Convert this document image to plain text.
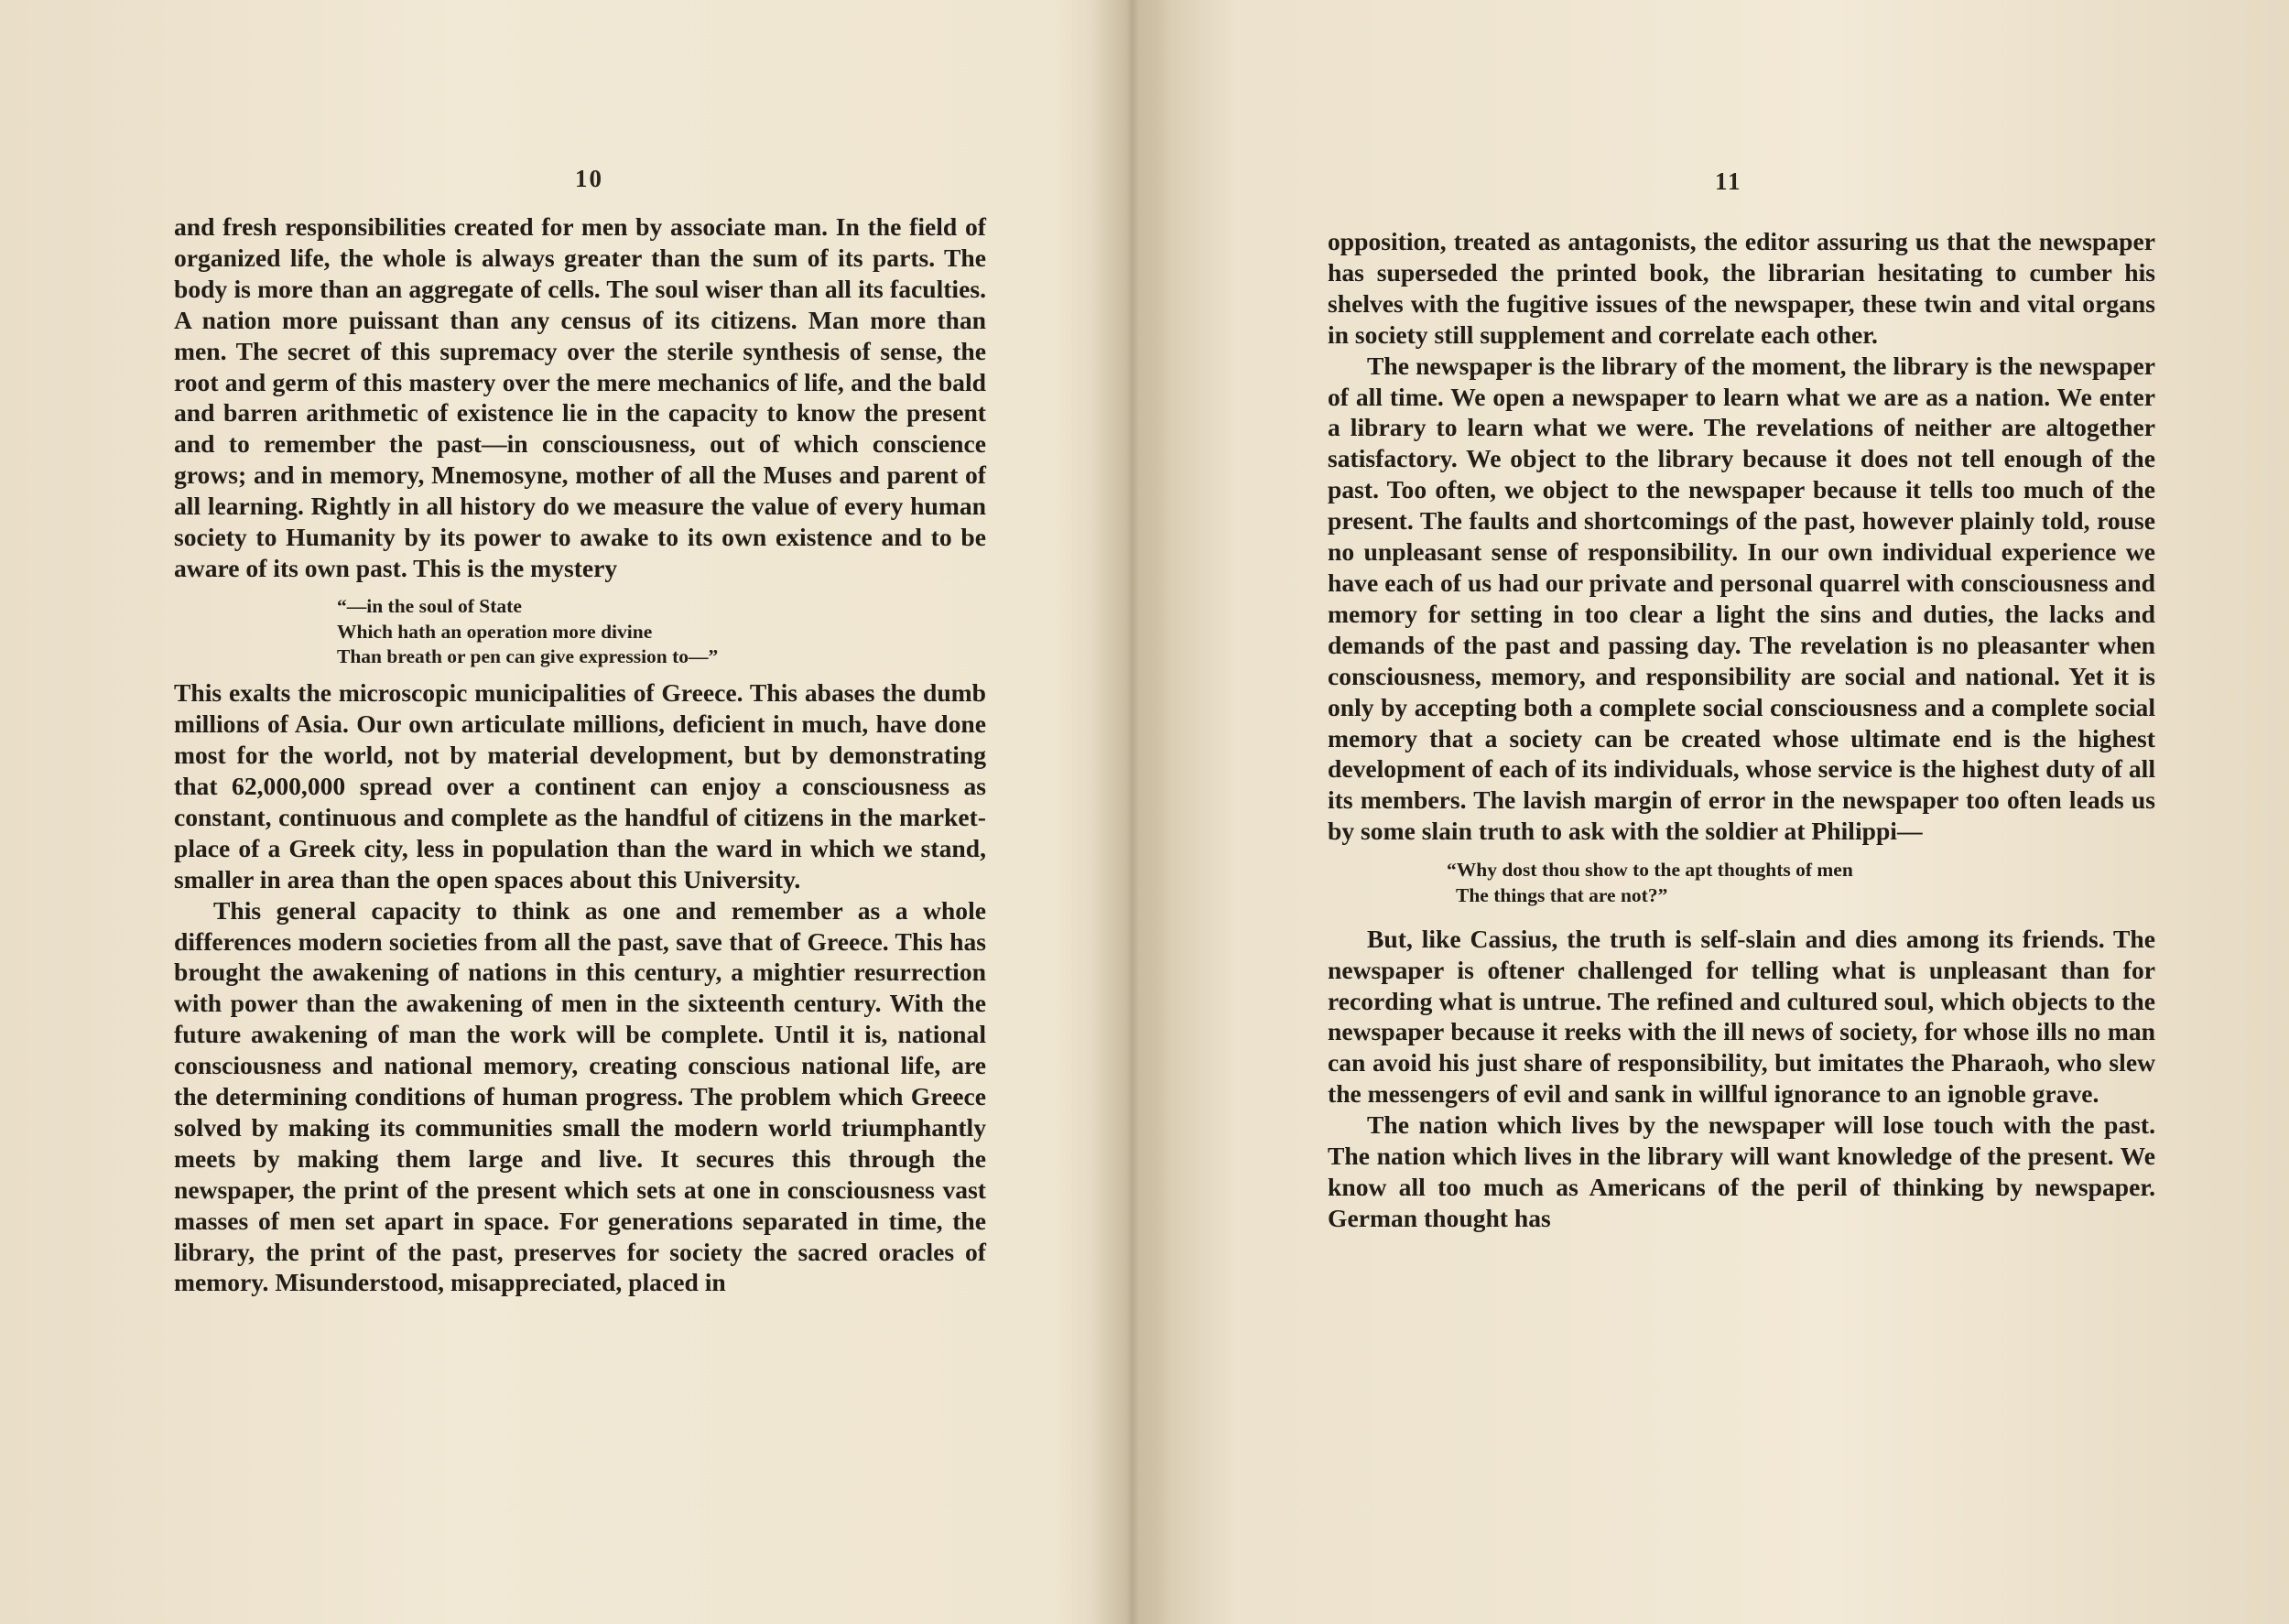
10

and fresh responsibilities created for men by associate man. In the field of organized life, the whole is always greater than the sum of its parts. The body is more than an aggregate of cells. The soul wiser than all its faculties. A nation more puissant than any census of its citizens. Man more than men. The secret of this supremacy over the sterile synthesis of sense, the root and germ of this mastery over the mere mechanics of life, and the bald and barren arithmetic of existence lie in the capacity to know the present and to remember the past—in consciousness, out of which conscience grows; and in memory, Mnemosyne, mother of all the Muses and parent of all learning. Rightly in all history do we measure the value of every human society to Humanity by its power to awake to its own existence and to be aware of its own past. This is the mystery

“—in the soul of State
Which hath an operation more divine
Than breath or pen can give expression to—”

This exalts the microscopic municipalities of Greece. This abases the dumb millions of Asia. Our own articulate millions, deficient in much, have done most for the world, not by material development, but by demonstrating that 62,000,000 spread over a continent can enjoy a consciousness as constant, continuous and complete as the handful of citizens in the market-place of a Greek city, less in population than the ward in which we stand, smaller in area than the open spaces about this University.

This general capacity to think as one and remember as a whole differences modern societies from all the past, save that of Greece. This has brought the awakening of nations in this century, a mightier resurrection with power than the awakening of men in the sixteenth century. With the future awakening of man the work will be complete. Until it is, national consciousness and national memory, creating conscious national life, are the determining conditions of human progress. The problem which Greece solved by making its communities small the modern world triumphantly meets by making them large and live. It secures this through the newspaper, the print of the present which sets at one in consciousness vast masses of men set apart in space. For generations separated in time, the library, the print of the past, preserves for society the sacred oracles of memory. Misunderstood, misappreciated, placed in

11

opposition, treated as antagonists, the editor assuring us that the newspaper has superseded the printed book, the librarian hesitating to cumber his shelves with the fugitive issues of the newspaper, these twin and vital organs in society still supplement and correlate each other.

The newspaper is the library of the moment, the library is the newspaper of all time. We open a newspaper to learn what we are as a nation. We enter a library to learn what we were. The revelations of neither are altogether satisfactory. We object to the library because it does not tell enough of the past. Too often, we object to the newspaper because it tells too much of the present. The faults and shortcomings of the past, however plainly told, rouse no unpleasant sense of responsibility. In our own individual experience we have each of us had our private and personal quarrel with consciousness and memory for setting in too clear a light the sins and duties, the lacks and demands of the past and passing day. The revelation is no pleasanter when consciousness, memory, and responsibility are social and national. Yet it is only by accepting both a complete social consciousness and a complete social memory that a society can be created whose ultimate end is the highest development of each of its individuals, whose service is the highest duty of all its members. The lavish margin of error in the newspaper too often leads us by some slain truth to ask with the soldier at Philippi—

“Why dost thou show to the apt thoughts of men
The things that are not?”

But, like Cassius, the truth is self-slain and dies among its friends. The newspaper is oftener challenged for telling what is unpleasant than for recording what is untrue. The refined and cultured soul, which objects to the newspaper because it reeks with the ill news of society, for whose ills no man can avoid his just share of responsibility, but imitates the Pharaoh, who slew the messengers of evil and sank in willful ignorance to an ignoble grave.

The nation which lives by the newspaper will lose touch with the past. The nation which lives in the library will want knowledge of the present. We know all too much as Americans of the peril of thinking by newspaper. German thought has
